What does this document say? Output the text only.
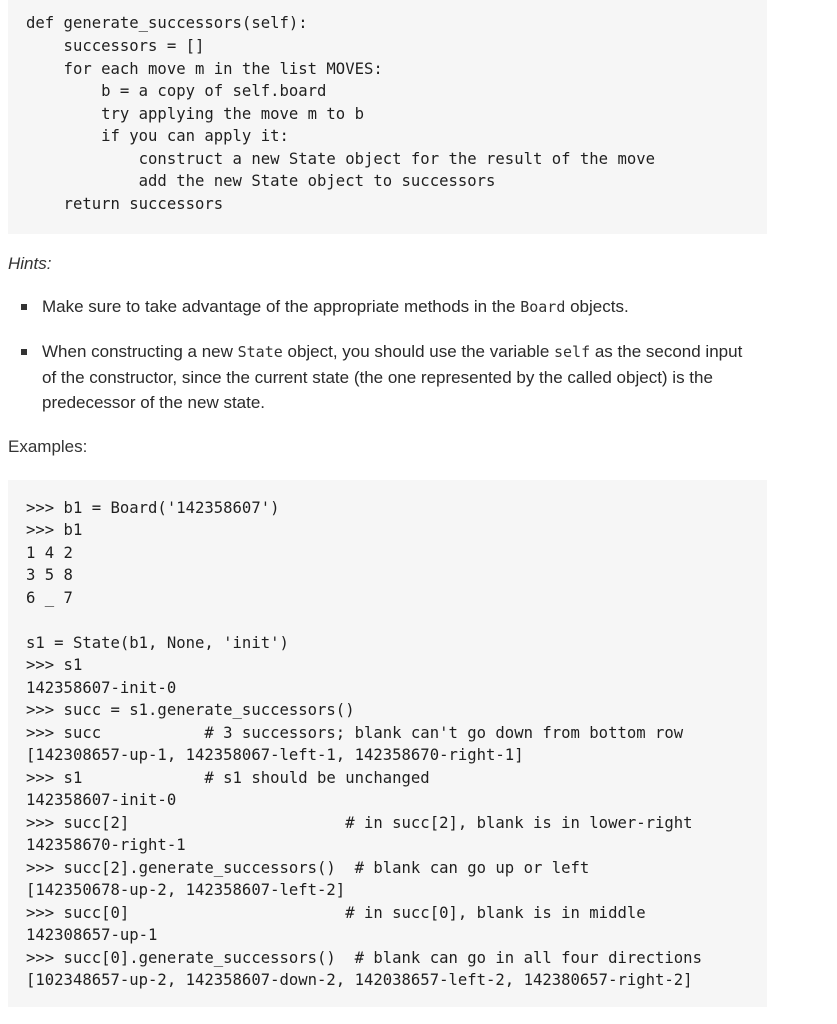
def generate_successors(self):
successors = []
for each move m in the list MOVES:
b = a copy of self.board
try applying the move m to b
if you can apply it:
construct a new State object for the result of the move
add the new State object to successors
return successors
Hints:
Make sure to take advantage of the appropriate methods in the Board objects.
When constructing a new State object, you should use the variable self as the second input of the constructor, since the current state (the one represented by the called object) is the predecessor of the new state.
Examples:
>>> b1 = Board('142358607')
>>> b1
1 4 2
3 5 8
6 _ 7
s1 = State(b1, None, 'init')
>>> s1
142358607-init-0
>>> succ = s1.generate_successors()
>>> succ           # 3 successors; blank can't go down from bottom row
[142308657-up-1, 142358067-left-1, 142358670-right-1]
>>> s1             # s1 should be unchanged
142358607-init-0
>>> succ[2]                       # in succ[2], blank is in lower-right
142358670-right-1
>>> succ[2].generate_successors()  # blank can go up or left
[142350678-up-2, 142358607-left-2]
>>> succ[0]                       # in succ[0], blank is in middle
142308657-up-1
>>> succ[0].generate_successors()  # blank can go in all four directions
[102348657-up-2, 142358607-down-2, 142038657-left-2, 142380657-right-2]
